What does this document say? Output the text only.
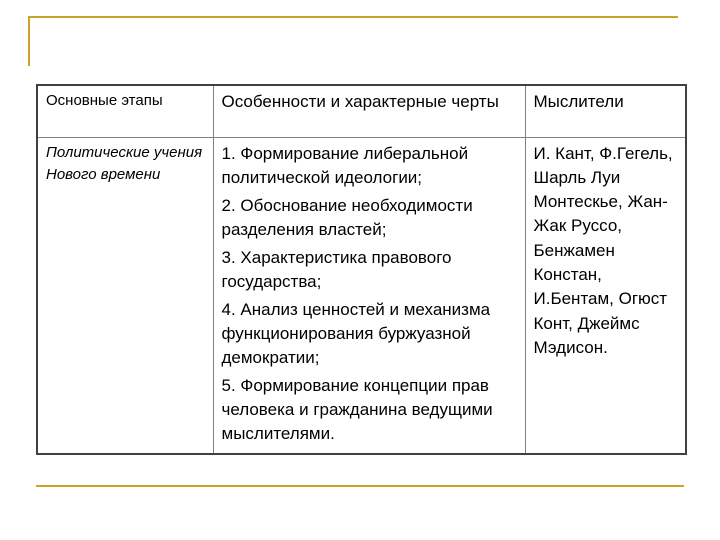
Основные этапы	Особенности и характерные черты	Мыслители
Политические учения Нового времени	1. Формирование либеральной политической идеологии;

2. Обоснование необходимости разделения властей;

3. Характеристика правового государства;

4. Анализ ценностей и механизма функционирования буржуазной демократии;

5. Формирование концепции прав человека и гражданина ведущими мыслителями.	И. Кант, Ф.Гегель, Шарль Луи Монтескье, Жан-Жак Руссо, Бенжамен Констан, И.Бентам, Огюст Конт, Джеймс Мэдисон.
